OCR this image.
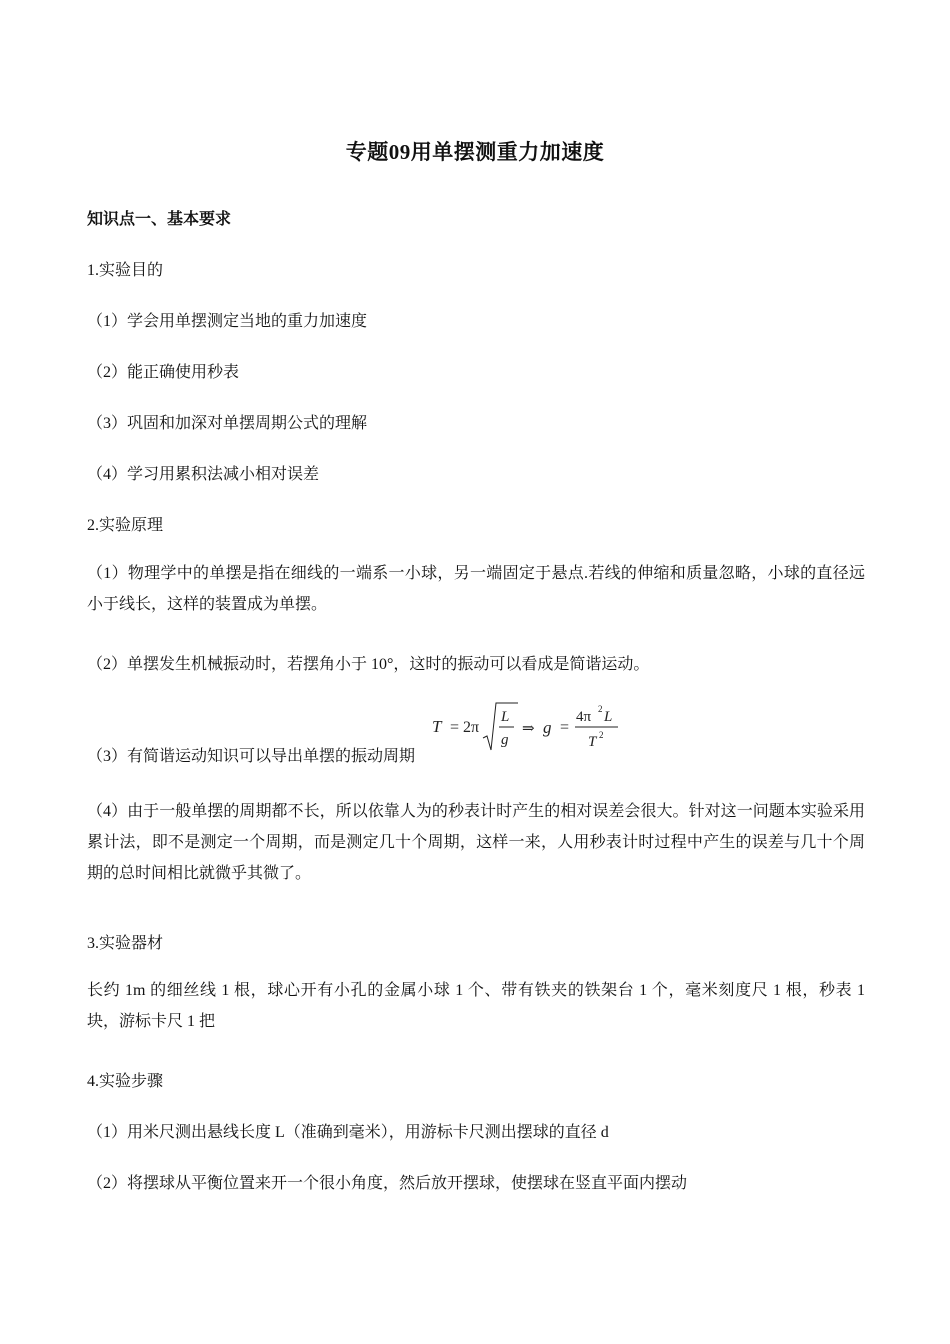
专题09用单摆测重力加速度
知识点一、基本要求
1.实验目的
（1）学会用单摆测定当地的重力加速度
（2）能正确使用秒表
（3）巩固和加深对单摆周期公式的理解
（4）学习用累积法减小相对误差
2.实验原理
（1）物理学中的单摆是指在细线的一端系一小球，另一端固定于悬点.若线的伸缩和质量忽略，小球的直径远小于线长，这样的装置成为单摆。
（2）单摆发生机械振动时，若摆角小于 10°，这时的振动可以看成是简谐运动。
（3）有简谐运动知识可以导出单摆的振动周期
T = 2π
L
g
⇒ g =
4π 2 L
T 2
（4）由于一般单摆的周期都不长，所以依靠人为的秒表计时产生的相对误差会很大。针对这一问题本实验采用累计法，即不是测定一个周期，而是测定几十个周期，这样一来，人用秒表计时过程中产生的误差与几十个周期的总时间相比就微乎其微了。
3.实验器材
长约 1m 的细丝线 1 根，球心开有小孔的金属小球 1 个、带有铁夹的铁架台 1 个，毫米刻度尺 1 根，秒表 1 块，游标卡尺 1 把
4.实验步骤
（1）用米尺测出悬线长度 L（准确到毫米），用游标卡尺测出摆球的直径 d
（2）将摆球从平衡位置来开一个很小角度，然后放开摆球，使摆球在竖直平面内摆动
